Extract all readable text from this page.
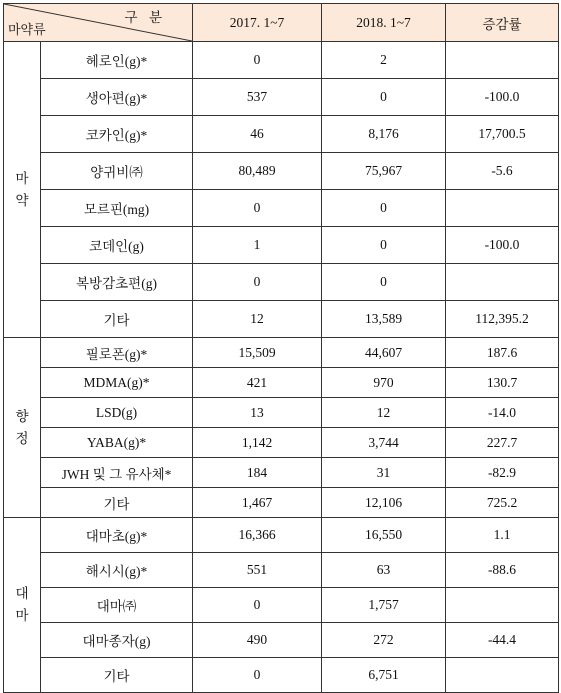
구 분
마약류		2017. 1~7	2018. 1~7	증감률

마
약	헤로인(g)*	0	2	
	생아편(g)*	537	0	-100.0
	코카인(g)*	46	8,176	17,700.5
	양귀비㈜	80,489	75,967	-5.6
	모르핀(mg)	0	0	
	코데인(g)	1	0	-100.0
	복방감초편(g)	0	0	
	기타	12	13,589	112,395.2

향
정	필로폰(g)*	15,509	44,607	187.6
	MDMA(g)*	421	970	130.7
	LSD(g)	13	12	-14.0
	YABA(g)*	1,142	3,744	227.7
	JWH 및 그 유사체*	184	31	-82.9
	기타	1,467	12,106	725.2

대
마	대마초(g)*	16,366	16,550	1.1
	해시시(g)*	551	63	-88.6
	대마㈜	0	1,757	
	대마종자(g)	490	272	-44.4
	기타	0	6,751	
